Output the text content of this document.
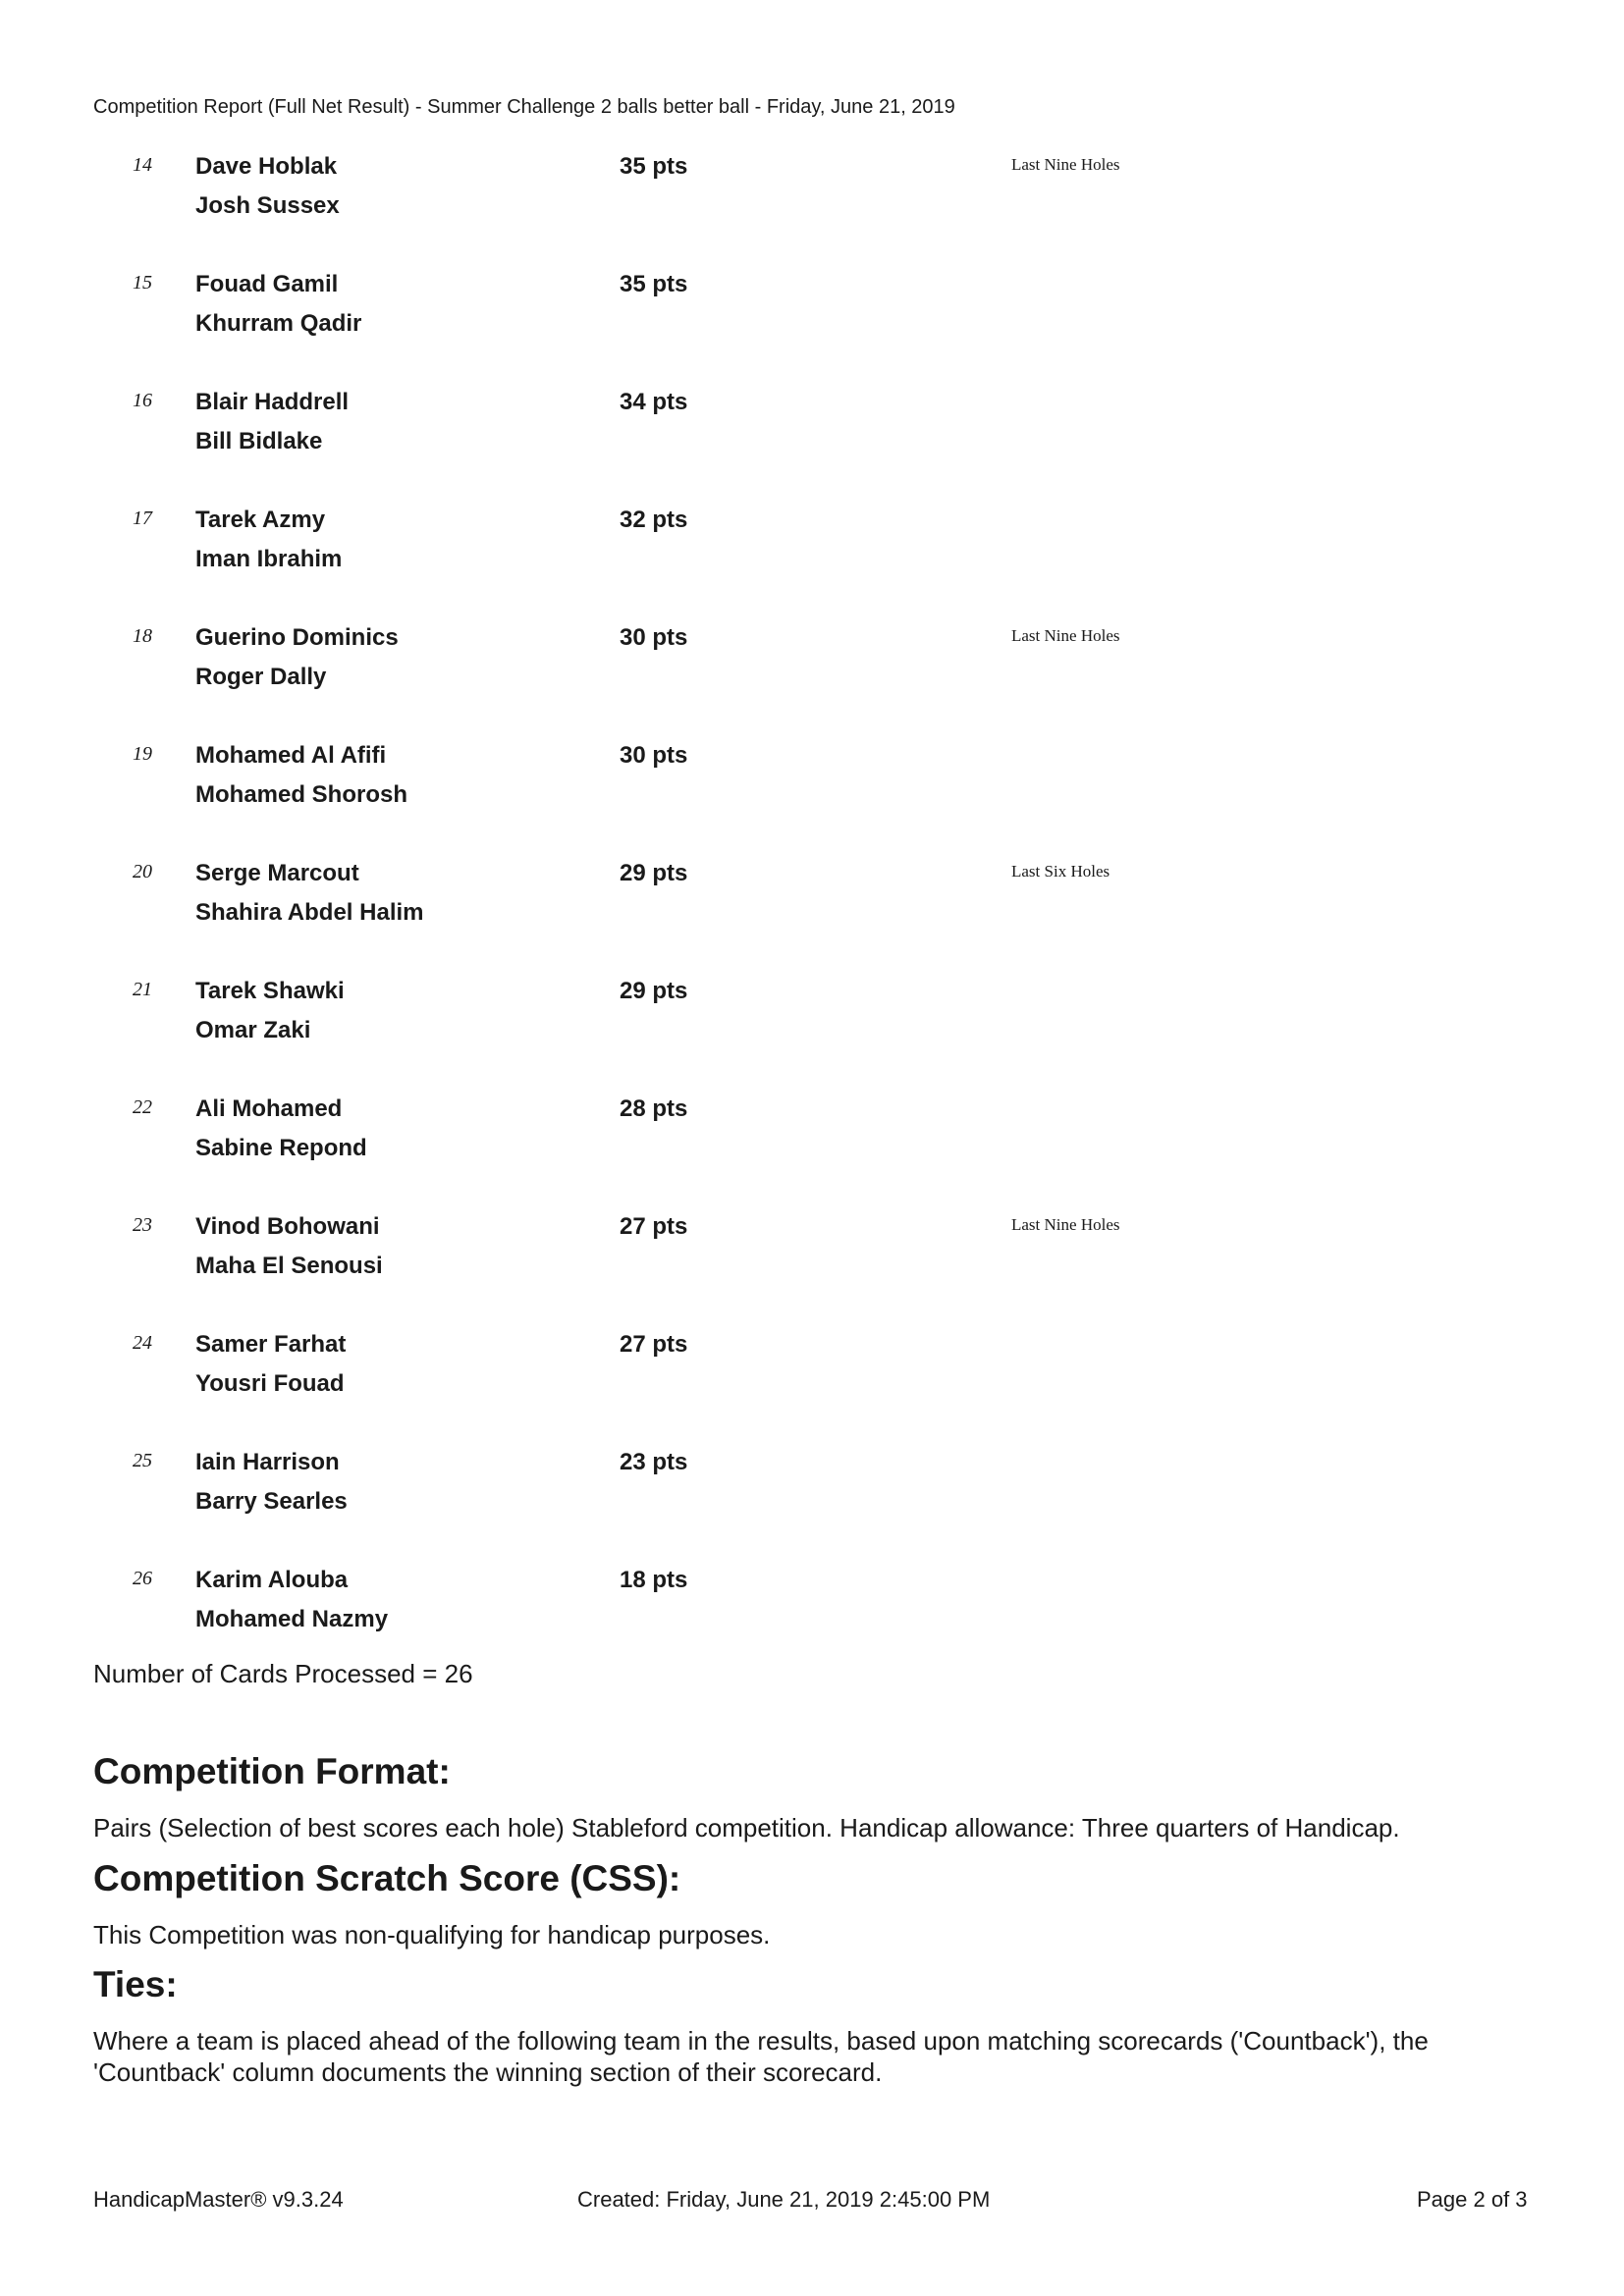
Competition Report (Full Net Result) - Summer Challenge 2 balls better ball - Friday, June 21, 2019
14 Dave Hoblak
Josh Sussex
35 pts	Last Nine Holes
15 Fouad Gamil
Khurram Qadir
35 pts
16 Blair Haddrell
Bill Bidlake
34 pts
17 Tarek Azmy
Iman Ibrahim
32 pts
18 Guerino Dominics
Roger Dally
30 pts	Last Nine Holes
19 Mohamed Al Afifi
Mohamed Shorosh
30 pts
20 Serge Marcout
Shahira Abdel Halim
29 pts	Last Six Holes
21 Tarek Shawki
Omar Zaki
29 pts
22 Ali Mohamed
Sabine Repond
28 pts
23 Vinod Bohowani
Maha El Senousi
27 pts	Last Nine Holes
24 Samer Farhat
Yousri Fouad
27 pts
25 Iain Harrison
Barry Searles
23 pts
26 Karim Alouba
Mohamed Nazmy
18 pts
Number of Cards Processed = 26
Competition Format:
Pairs (Selection of best scores each hole) Stableford competition. Handicap allowance: Three quarters of Handicap.
Competition Scratch Score (CSS):
This Competition was non-qualifying for handicap purposes.
Ties:
Where a team is placed ahead of the following team in the results, based upon matching scorecards ('Countback'), the 'Countback' column documents the winning section of their scorecard.
HandicapMaster® v9.3.24	Created: Friday, June 21, 2019 2:45:00 PM	Page 2 of 3
